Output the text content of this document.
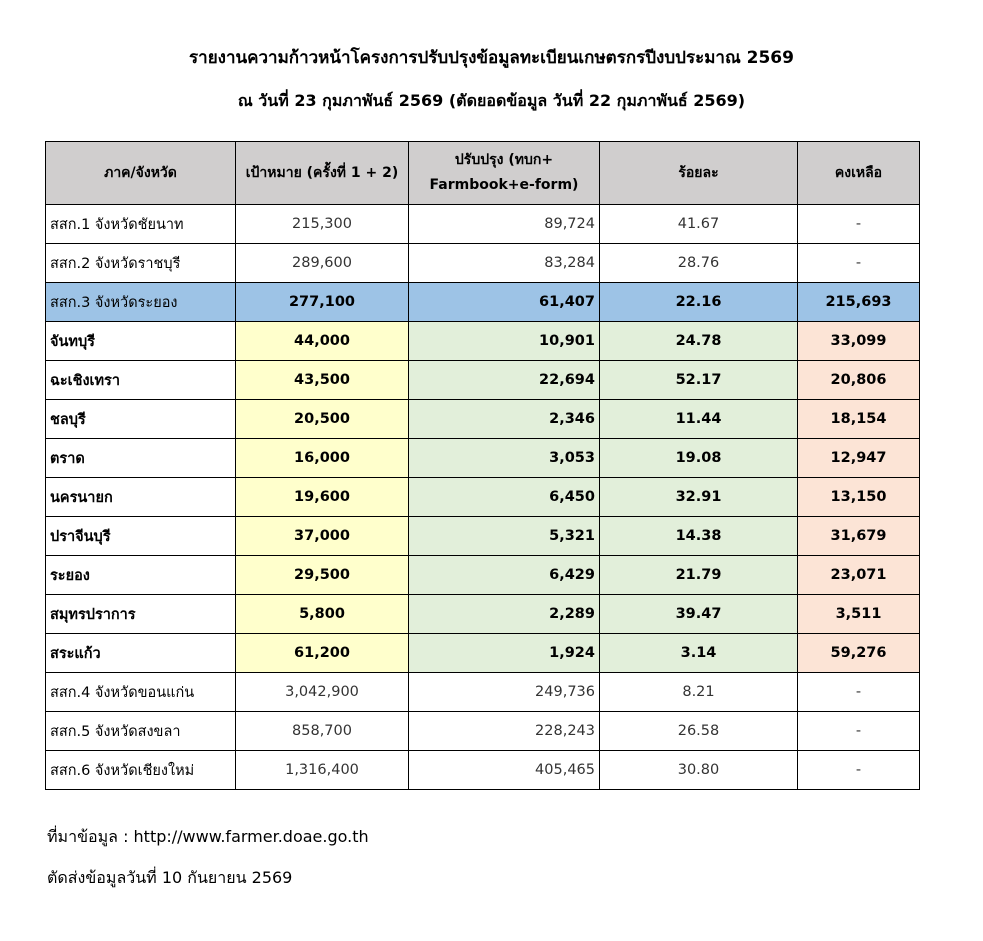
รายงานความก้าวหน้าโครงการปรับปรุงข้อมูลทะเบียนเกษตรกรปีงบประมาณ 2569
ณ วันที่ 23 กุมภาพันธ์ 2569 (ตัดยอดข้อมูล วันที่ 22 กุมภาพันธ์ 2569)
ภาค/จังหวัด	เป้าหมาย (ครั้งที่ 1 + 2)	ปรับปรุง (ทบก+
Farmbook+e-form)	ร้อยละ	คงเหลือ
สสก.1 จังหวัดชัยนาท	215,300	89,724	41.67	-
สสก.2 จังหวัดราชบุรี	289,600	83,284	28.76	-
สสก.3 จังหวัดระยอง	277,100	61,407	22.16	215,693
จันทบุรี	44,000	10,901	24.78	33,099
ฉะเชิงเทรา	43,500	22,694	52.17	20,806
ชลบุรี	20,500	2,346	11.44	18,154
ตราด	16,000	3,053	19.08	12,947
นครนายก	19,600	6,450	32.91	13,150
ปราจีนบุรี	37,000	5,321	14.38	31,679
ระยอง	29,500	6,429	21.79	23,071
สมุทรปราการ	5,800	2,289	39.47	3,511
สระแก้ว	61,200	1,924	3.14	59,276
สสก.4 จังหวัดขอนแก่น	3,042,900	249,736	8.21	-
สสก.5 จังหวัดสงขลา	858,700	228,243	26.58	-
สสก.6 จังหวัดเชียงใหม่	1,316,400	405,465	30.80	-
ที่มาข้อมูล : http://www.farmer.doae.go.th
ตัดส่งข้อมูลวันที่ 10 กันยายน 2569
